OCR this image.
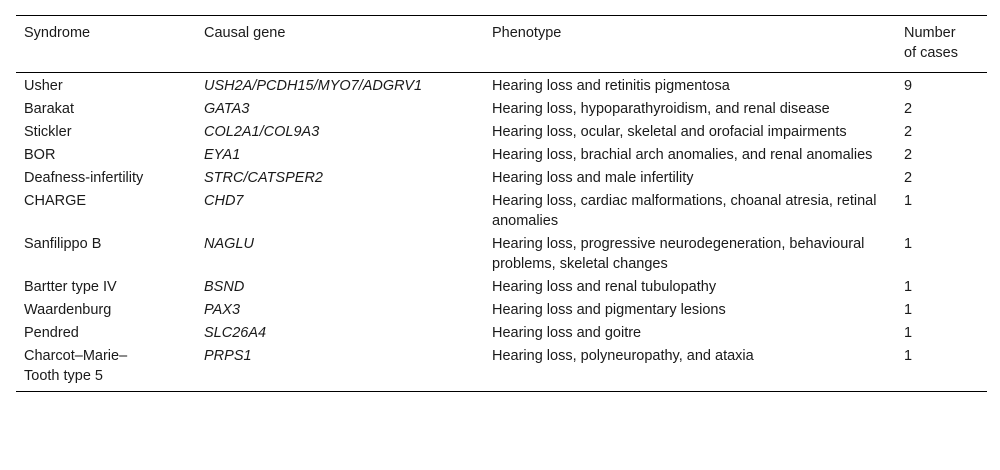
Syndrome	Causal gene	Phenotype	Number of cases
Usher	USH2A/PCDH15/MYO7/ADGRV1	Hearing loss and retinitis pigmentosa	9
Barakat	GATA3	Hearing loss, hypoparathyroidism, and renal disease	2
Stickler	COL2A1/COL9A3	Hearing loss, ocular, skeletal and orofacial impairments	2
BOR	EYA1	Hearing loss, brachial arch anomalies, and renal anomalies	2
Deafness-infertility	STRC/CATSPER2	Hearing loss and male infertility	2
CHARGE	CHD7	Hearing loss, cardiac malformations, choanal atresia, retinal anomalies	1
Sanfilippo B	NAGLU	Hearing loss, progressive neurodegeneration, behavioural problems, skeletal changes	1
Bartter type IV	BSND	Hearing loss and renal tubulopathy	1
Waardenburg	PAX3	Hearing loss and pigmentary lesions	1
Pendred	SLC26A4	Hearing loss and goitre	1
Charcot–Marie–Tooth type 5	PRPS1	Hearing loss, polyneuropathy, and ataxia	1
